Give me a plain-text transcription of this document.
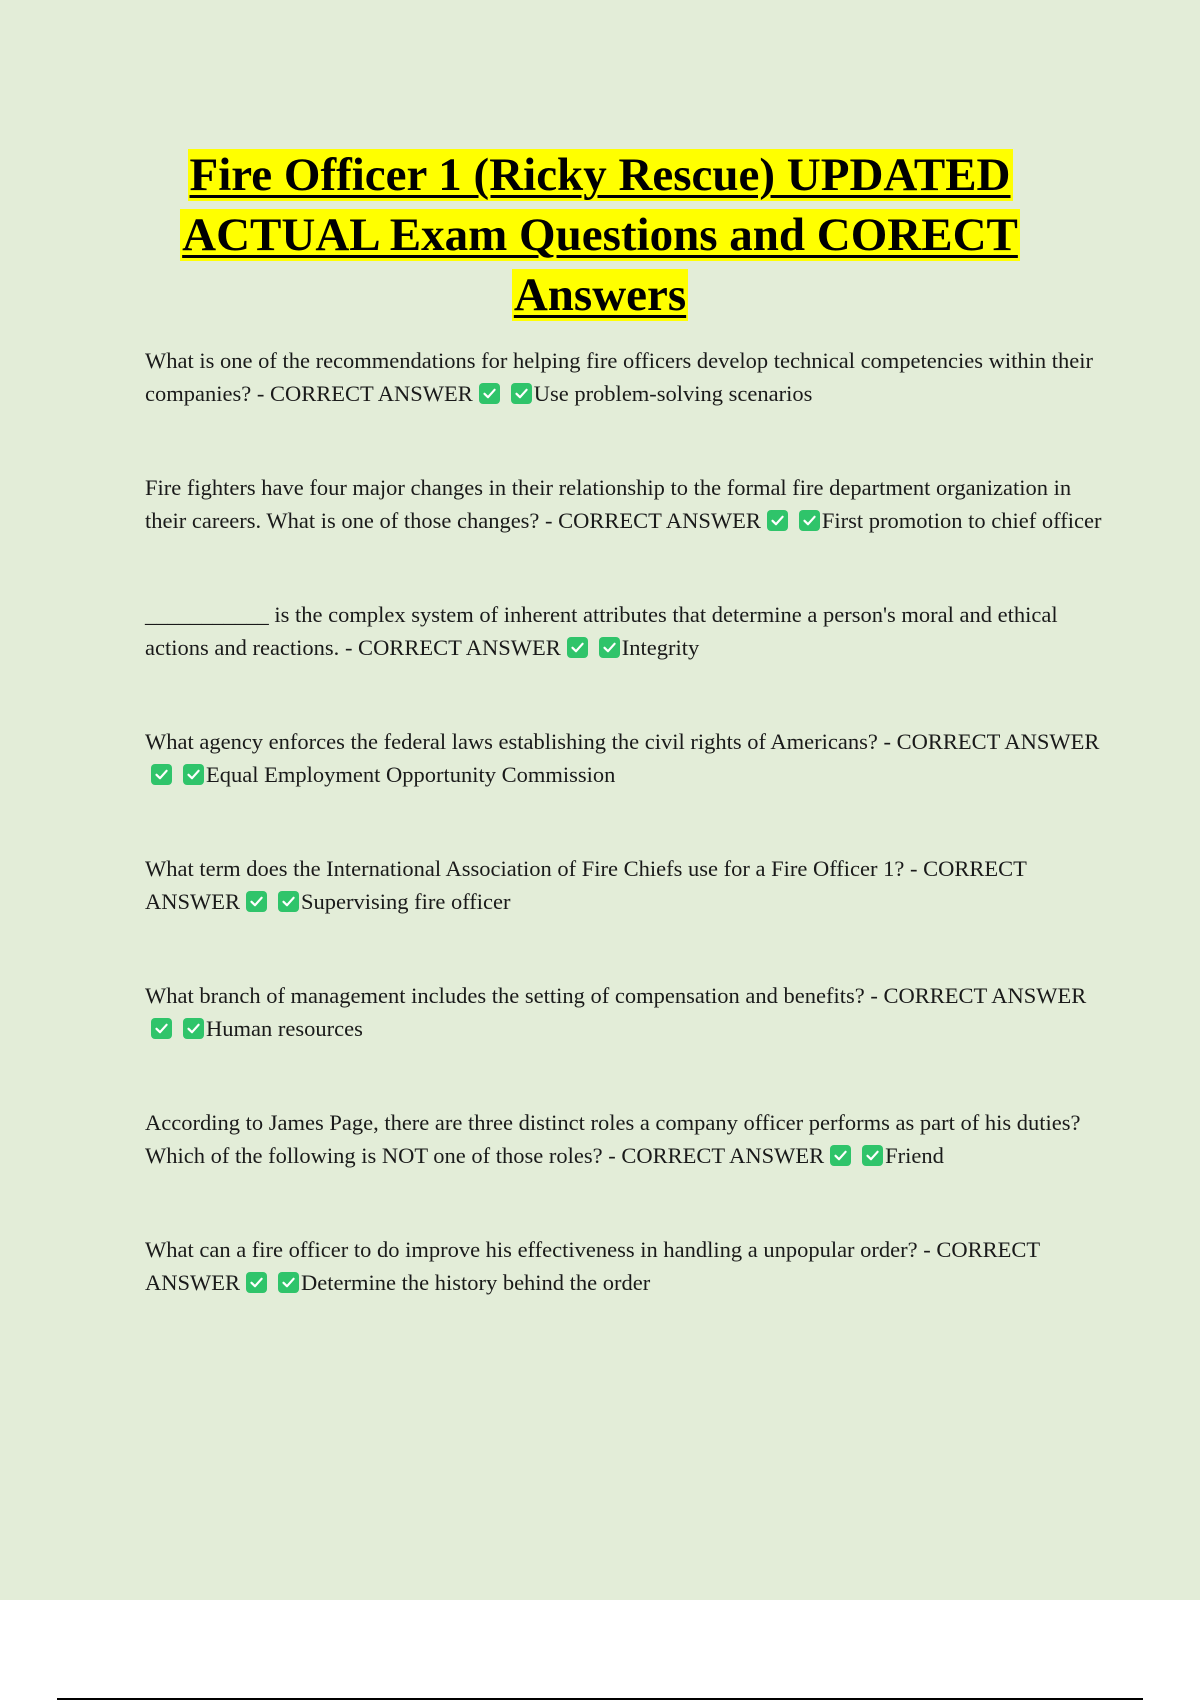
Fire Officer 1 (Ricky Rescue) UPDATED
ACTUAL Exam Questions and CORECT
Answers

What is one of the recommendations for helping fire officers develop technical competencies within their companies? - CORRECT ANSWER	Use problem-solving scenarios

Fire fighters have four major changes in their relationship to the formal fire department organization in their careers. What is one of those changes? - CORRECT ANSWER	First promotion to chief officer

___________ is the complex system of inherent attributes that determine a person's moral and ethical actions and reactions. - CORRECT ANSWER	Integrity

What agency enforces the federal laws establishing the civil rights of Americans? - CORRECT ANSWER
Equal Employment Opportunity Commission

What term does the International Association of Fire Chiefs use for a Fire Officer 1? - CORRECT ANSWER	Supervising fire officer

What branch of management includes the setting of compensation and benefits? - CORRECT ANSWER
Human resources

According to James Page, there are three distinct roles a company officer performs as part of his duties? Which of the following is NOT one of those roles? - CORRECT ANSWER	Friend

What can a fire officer to do improve his effectiveness in handling a unpopular order? - CORRECT ANSWER	Determine the history behind the order
